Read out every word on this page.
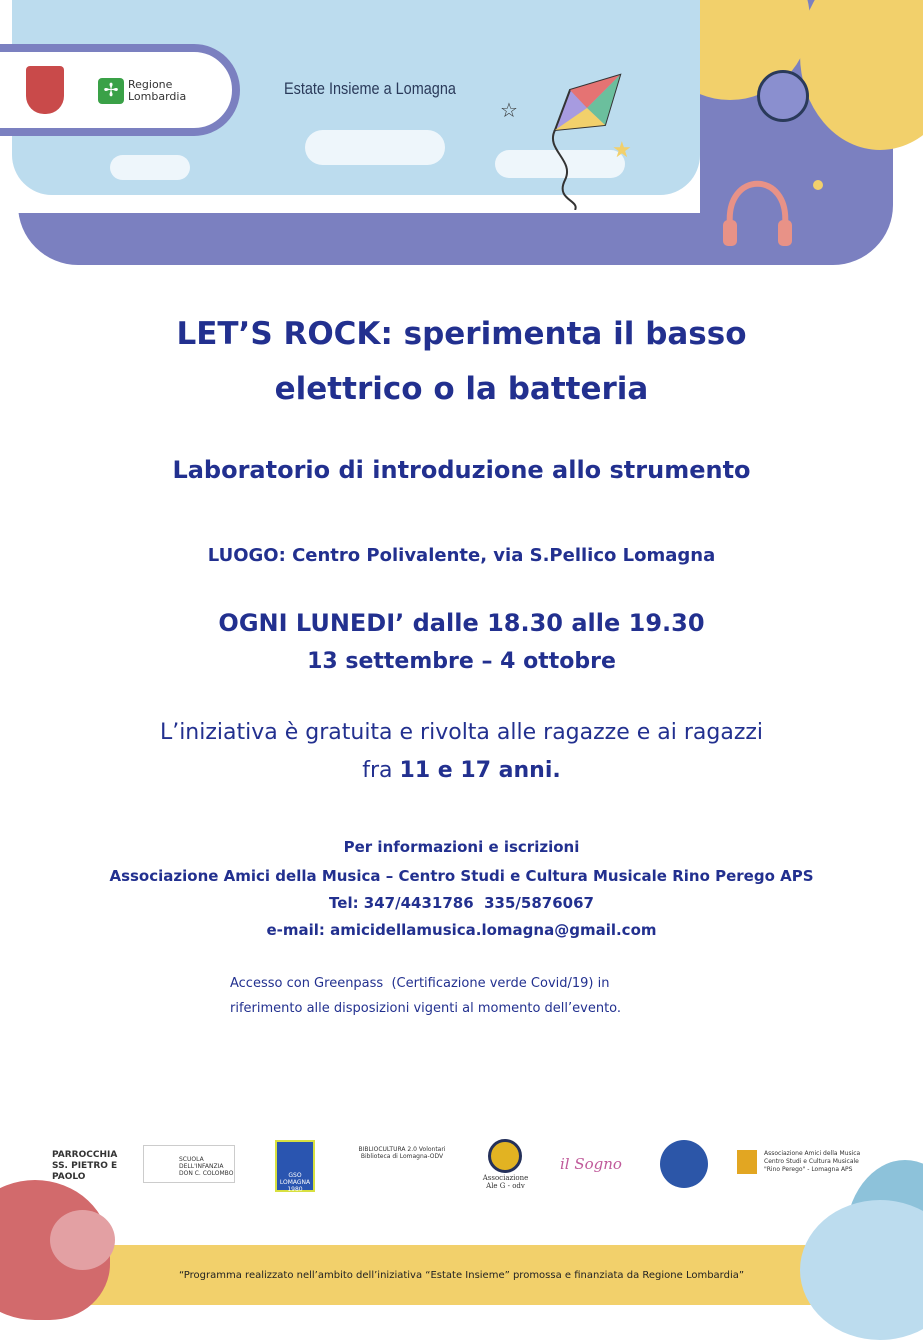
✢ Regione Lombardia	Estate Insieme a Lomagna
★
☆
LET’S ROCK: sperimenta il basso
elettrico o la batteria
Laboratorio di introduzione allo strumento
LUOGO: Centro Polivalente, via S.Pellico Lomagna
OGNI LUNEDI’ dalle 18.30 alle 19.30
13 settembre – 4 ottobre
L’iniziativa è gratuita e rivolta alle ragazze e ai ragazzi
fra 11 e 17 anni.
Per informazioni e iscrizioni
Associazione Amici della Musica – Centro Studi e Cultura Musicale Rino Perego APS
Tel: 347/4431786  335/5876067
e-mail: amicidellamusica.lomagna@gmail.com
Accesso con Greenpass  (Certificazione verde Covid/19) in
riferimento alle disposizioni vigenti al momento dell’evento.
PARROCCHIA SS. PIETRO E PAOLO
SCUOLA DELL'INFANZIA DON C. COLOMBO	GSO LOMAGNA 1980
BIBLIOCULTURA 2.0 Volontari Biblioteca di Lomagna-ODV
Associazione Ale G - odv
il Sogno
Associazione Amici della Musica Centro Studi e Cultura Musicale "Rino Perego" - Lomagna APS
“Programma realizzato nell’ambito dell’iniziativa “Estate Insieme” promossa e finanziata da Regione Lombardia”
